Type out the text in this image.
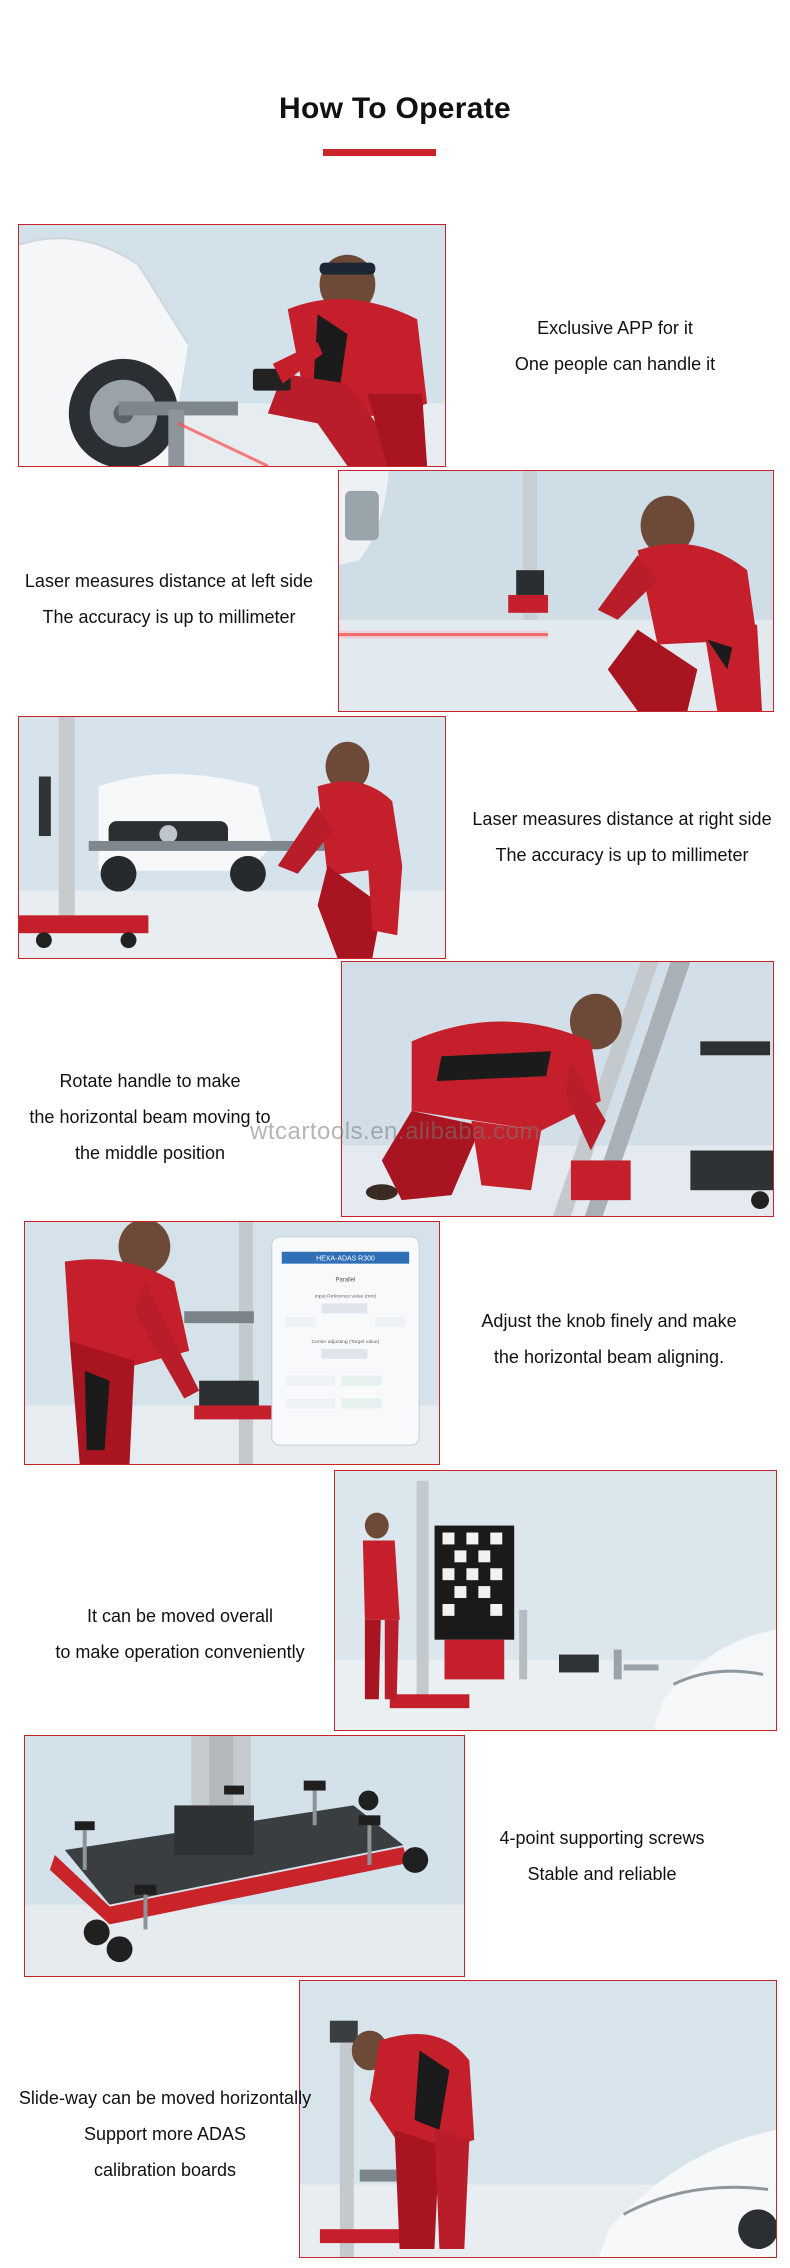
How To Operate
Exclusive APP for it
One people can handle it
Laser measures distance at left side
The accuracy is up to millimeter
Laser measures distance at right side
The accuracy is up to millimeter
Rotate handle to make
the horizontal beam moving to
the middle position
wtcartools.en.alibaba.com
HEXA-ADAS R300
Parallel
Input Reference value (mm)
Center adjusting (Target value)
Adjust the knob finely and make
the horizontal beam aligning.
It can be moved overall
to make operation conveniently
4-point supporting screws
Stable and reliable
Slide-way can be moved horizontally
Support more ADAS
calibration boards
